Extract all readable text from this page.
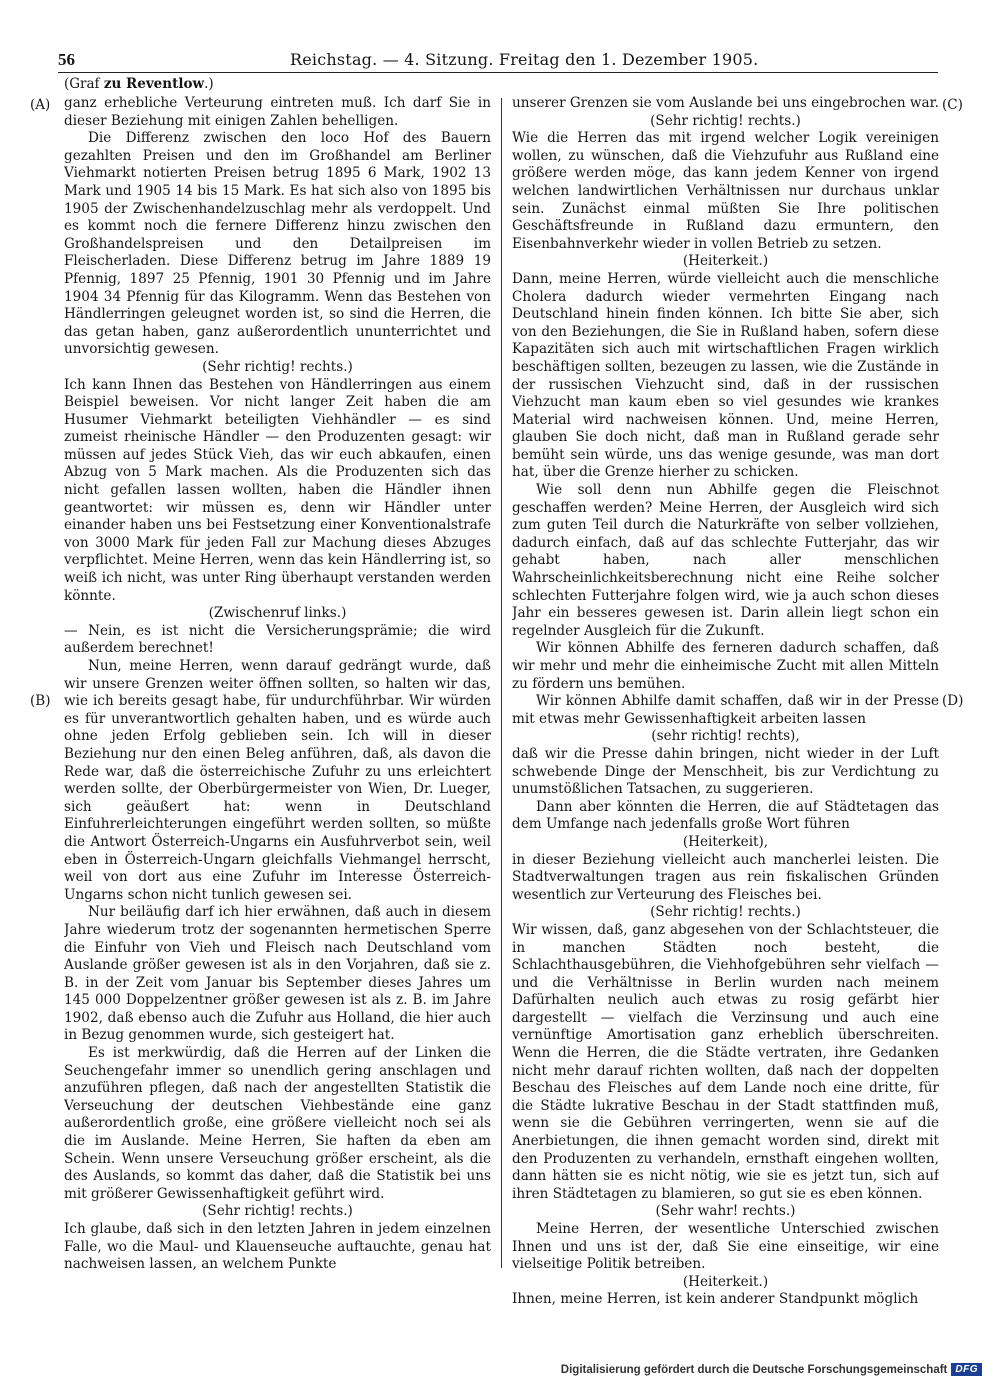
56	Reichstag. — 4. Sitzung. Freitag den 1. Dezember 1905.
(Graf zu Reventlow.)
(A)
(B)
(C)
(D)

ganz erhebliche Verteurung eintreten muß. Ich darf Sie in dieser Beziehung mit einigen Zahlen behelligen.

Die Differenz zwischen den loco Hof des Bauern gezahlten Preisen und den im Großhandel am Berliner Viehmarkt notierten Preisen betrug 1895 6 Mark, 1902 13 Mark und 1905 14 bis 15 Mark. Es hat sich also von 1895 bis 1905 der Zwischenhandelzuschlag mehr als verdoppelt. Und es kommt noch die fernere Differenz hinzu zwischen den Großhandelspreisen und den Detailpreisen im Fleischerladen. Diese Differenz betrug im Jahre 1889 19 Pfennig, 1897 25 Pfennig, 1901 30 Pfennig und im Jahre 1904 34 Pfennig für das Kilogramm. Wenn das Bestehen von Händlerringen geleugnet worden ist, so sind die Herren, die das getan haben, ganz außerordentlich ununterrichtet und unvorsichtig gewesen.

(Sehr richtig! rechts.)

Ich kann Ihnen das Bestehen von Händlerringen aus einem Beispiel beweisen. Vor nicht langer Zeit haben die am Husumer Viehmarkt beteiligten Viehhändler — es sind zumeist rheinische Händler — den Produzenten gesagt: wir müssen auf jedes Stück Vieh, das wir euch abkaufen, einen Abzug von 5 Mark machen. Als die Produzenten sich das nicht gefallen lassen wollten, haben die Händler ihnen geantwortet: wir müssen es, denn wir Händler unter einander haben uns bei Festsetzung einer Konventionalstrafe von 3000 Mark für jeden Fall zur Machung dieses Abzuges verpflichtet. Meine Herren, wenn das kein Händlerring ist, so weiß ich nicht, was unter Ring überhaupt verstanden werden könnte.

(Zwischenruf links.)

— Nein, es ist nicht die Versicherungsprämie; die wird außerdem berechnet!

Nun, meine Herren, wenn darauf gedrängt wurde, daß wir unsere Grenzen weiter öffnen sollten, so halten wir das, wie ich bereits gesagt habe, für undurchführbar. Wir würden es für unverantwortlich gehalten haben, und es würde auch ohne jeden Erfolg geblieben sein. Ich will in dieser Beziehung nur den einen Beleg anführen, daß, als davon die Rede war, daß die österreichische Zufuhr zu uns erleichtert werden sollte, der Oberbürgermeister von Wien, Dr. Lueger, sich geäußert hat: wenn in Deutschland Einfuhrerleichterungen eingeführt werden sollten, so müßte die Antwort Österreich-Ungarns ein Ausfuhrverbot sein, weil eben in Österreich-Ungarn gleichfalls Viehmangel herrscht, weil von dort aus eine Zufuhr im Interesse Österreich-Ungarns schon nicht tunlich gewesen sei.

Nur beiläufig darf ich hier erwähnen, daß auch in diesem Jahre wiederum trotz der sogenannten hermetischen Sperre die Einfuhr von Vieh und Fleisch nach Deutschland vom Auslande größer gewesen ist als in den Vorjahren, daß sie z. B. in der Zeit vom Januar bis September dieses Jahres um 145 000 Doppelzentner größer gewesen ist als z. B. im Jahre 1902, daß ebenso auch die Zufuhr aus Holland, die hier auch in Bezug genommen wurde, sich gesteigert hat.

Es ist merkwürdig, daß die Herren auf der Linken die Seuchengefahr immer so unendlich gering anschlagen und anzuführen pflegen, daß nach der angestellten Statistik die Verseuchung der deutschen Viehbestände eine ganz außerordentlich große, eine größere vielleicht noch sei als die im Auslande. Meine Herren, Sie haften da eben am Schein. Wenn unsere Verseuchung größer erscheint, als die des Auslands, so kommt das daher, daß die Statistik bei uns mit größerer Gewissenhaftigkeit geführt wird.

(Sehr richtig! rechts.)

Ich glaube, daß sich in den letzten Jahren in jedem einzelnen Falle, wo die Maul- und Klauenseuche auftauchte, genau hat nachweisen lassen, an welchem Punkte

unserer Grenzen sie vom Auslande bei uns eingebrochen war.

(Sehr richtig! rechts.)

Wie die Herren das mit irgend welcher Logik vereinigen wollen, zu wünschen, daß die Viehzufuhr aus Rußland eine größere werden möge, das kann jedem Kenner von irgend welchen landwirtlichen Verhältnissen nur durchaus unklar sein. Zunächst einmal müßten Sie Ihre politischen Geschäftsfreunde in Rußland dazu ermuntern, den Eisenbahnverkehr wieder in vollen Betrieb zu setzen.

(Heiterkeit.)

Dann, meine Herren, würde vielleicht auch die menschliche Cholera dadurch wieder vermehrten Eingang nach Deutschland hinein finden können. Ich bitte Sie aber, sich von den Beziehungen, die Sie in Rußland haben, sofern diese Kapazitäten sich auch mit wirtschaftlichen Fragen wirklich beschäftigen sollten, bezeugen zu lassen, wie die Zustände in der russischen Viehzucht sind, daß in der russischen Viehzucht man kaum eben so viel gesundes wie krankes Material wird nachweisen können. Und, meine Herren, glauben Sie doch nicht, daß man in Rußland gerade sehr bemüht sein würde, uns das wenige gesunde, was man dort hat, über die Grenze hierher zu schicken.

Wie soll denn nun Abhilfe gegen die Fleischnot geschaffen werden? Meine Herren, der Ausgleich wird sich zum guten Teil durch die Naturkräfte von selber vollziehen, dadurch einfach, daß auf das schlechte Futterjahr, das wir gehabt haben, nach aller menschlichen Wahrscheinlichkeitsberechnung nicht eine Reihe solcher schlechten Futterjahre folgen wird, wie ja auch schon dieses Jahr ein besseres gewesen ist. Darin allein liegt schon ein regelnder Ausgleich für die Zukunft.

Wir können Abhilfe des ferneren dadurch schaffen, daß wir mehr und mehr die einheimische Zucht mit allen Mitteln zu fördern uns bemühen.

Wir können Abhilfe damit schaffen, daß wir in der Presse mit etwas mehr Gewissenhaftigkeit arbeiten lassen

(sehr richtig! rechts),

daß wir die Presse dahin bringen, nicht wieder in der Luft schwebende Dinge der Menschheit, bis zur Verdichtung zu unumstößlichen Tatsachen, zu suggerieren.

Dann aber könnten die Herren, die auf Städtetagen das dem Umfange nach jedenfalls große Wort führen

(Heiterkeit),

in dieser Beziehung vielleicht auch mancherlei leisten. Die Stadtverwaltungen tragen aus rein fiskalischen Gründen wesentlich zur Verteurung des Fleisches bei.

(Sehr richtig! rechts.)

Wir wissen, daß, ganz abgesehen von der Schlachtsteuer, die in manchen Städten noch besteht, die Schlachthausgebühren, die Viehhofgebühren sehr vielfach — und die Verhältnisse in Berlin wurden nach meinem Dafürhalten neulich auch etwas zu rosig gefärbt hier dargestellt — vielfach die Verzinsung und auch eine vernünftige Amortisation ganz erheblich überschreiten. Wenn die Herren, die die Städte vertraten, ihre Gedanken nicht mehr darauf richten wollten, daß nach der doppelten Beschau des Fleisches auf dem Lande noch eine dritte, für die Städte lukrative Beschau in der Stadt stattfinden muß, wenn sie die Gebühren verringerten, wenn sie auf die Anerbietungen, die ihnen gemacht worden sind, direkt mit den Produzenten zu verhandeln, ernsthaft eingehen wollten, dann hätten sie es nicht nötig, wie sie es jetzt tun, sich auf ihren Städtetagen zu blamieren, so gut sie es eben können.

(Sehr wahr! rechts.)

Meine Herren, der wesentliche Unterschied zwischen Ihnen und uns ist der, daß Sie eine einseitige, wir eine vielseitige Politik betreiben.

(Heiterkeit.)

Ihnen, meine Herren, ist kein anderer Standpunkt möglich

Digitalisierung gefördert durch die Deutsche Forschungsgemeinschaft DFG
